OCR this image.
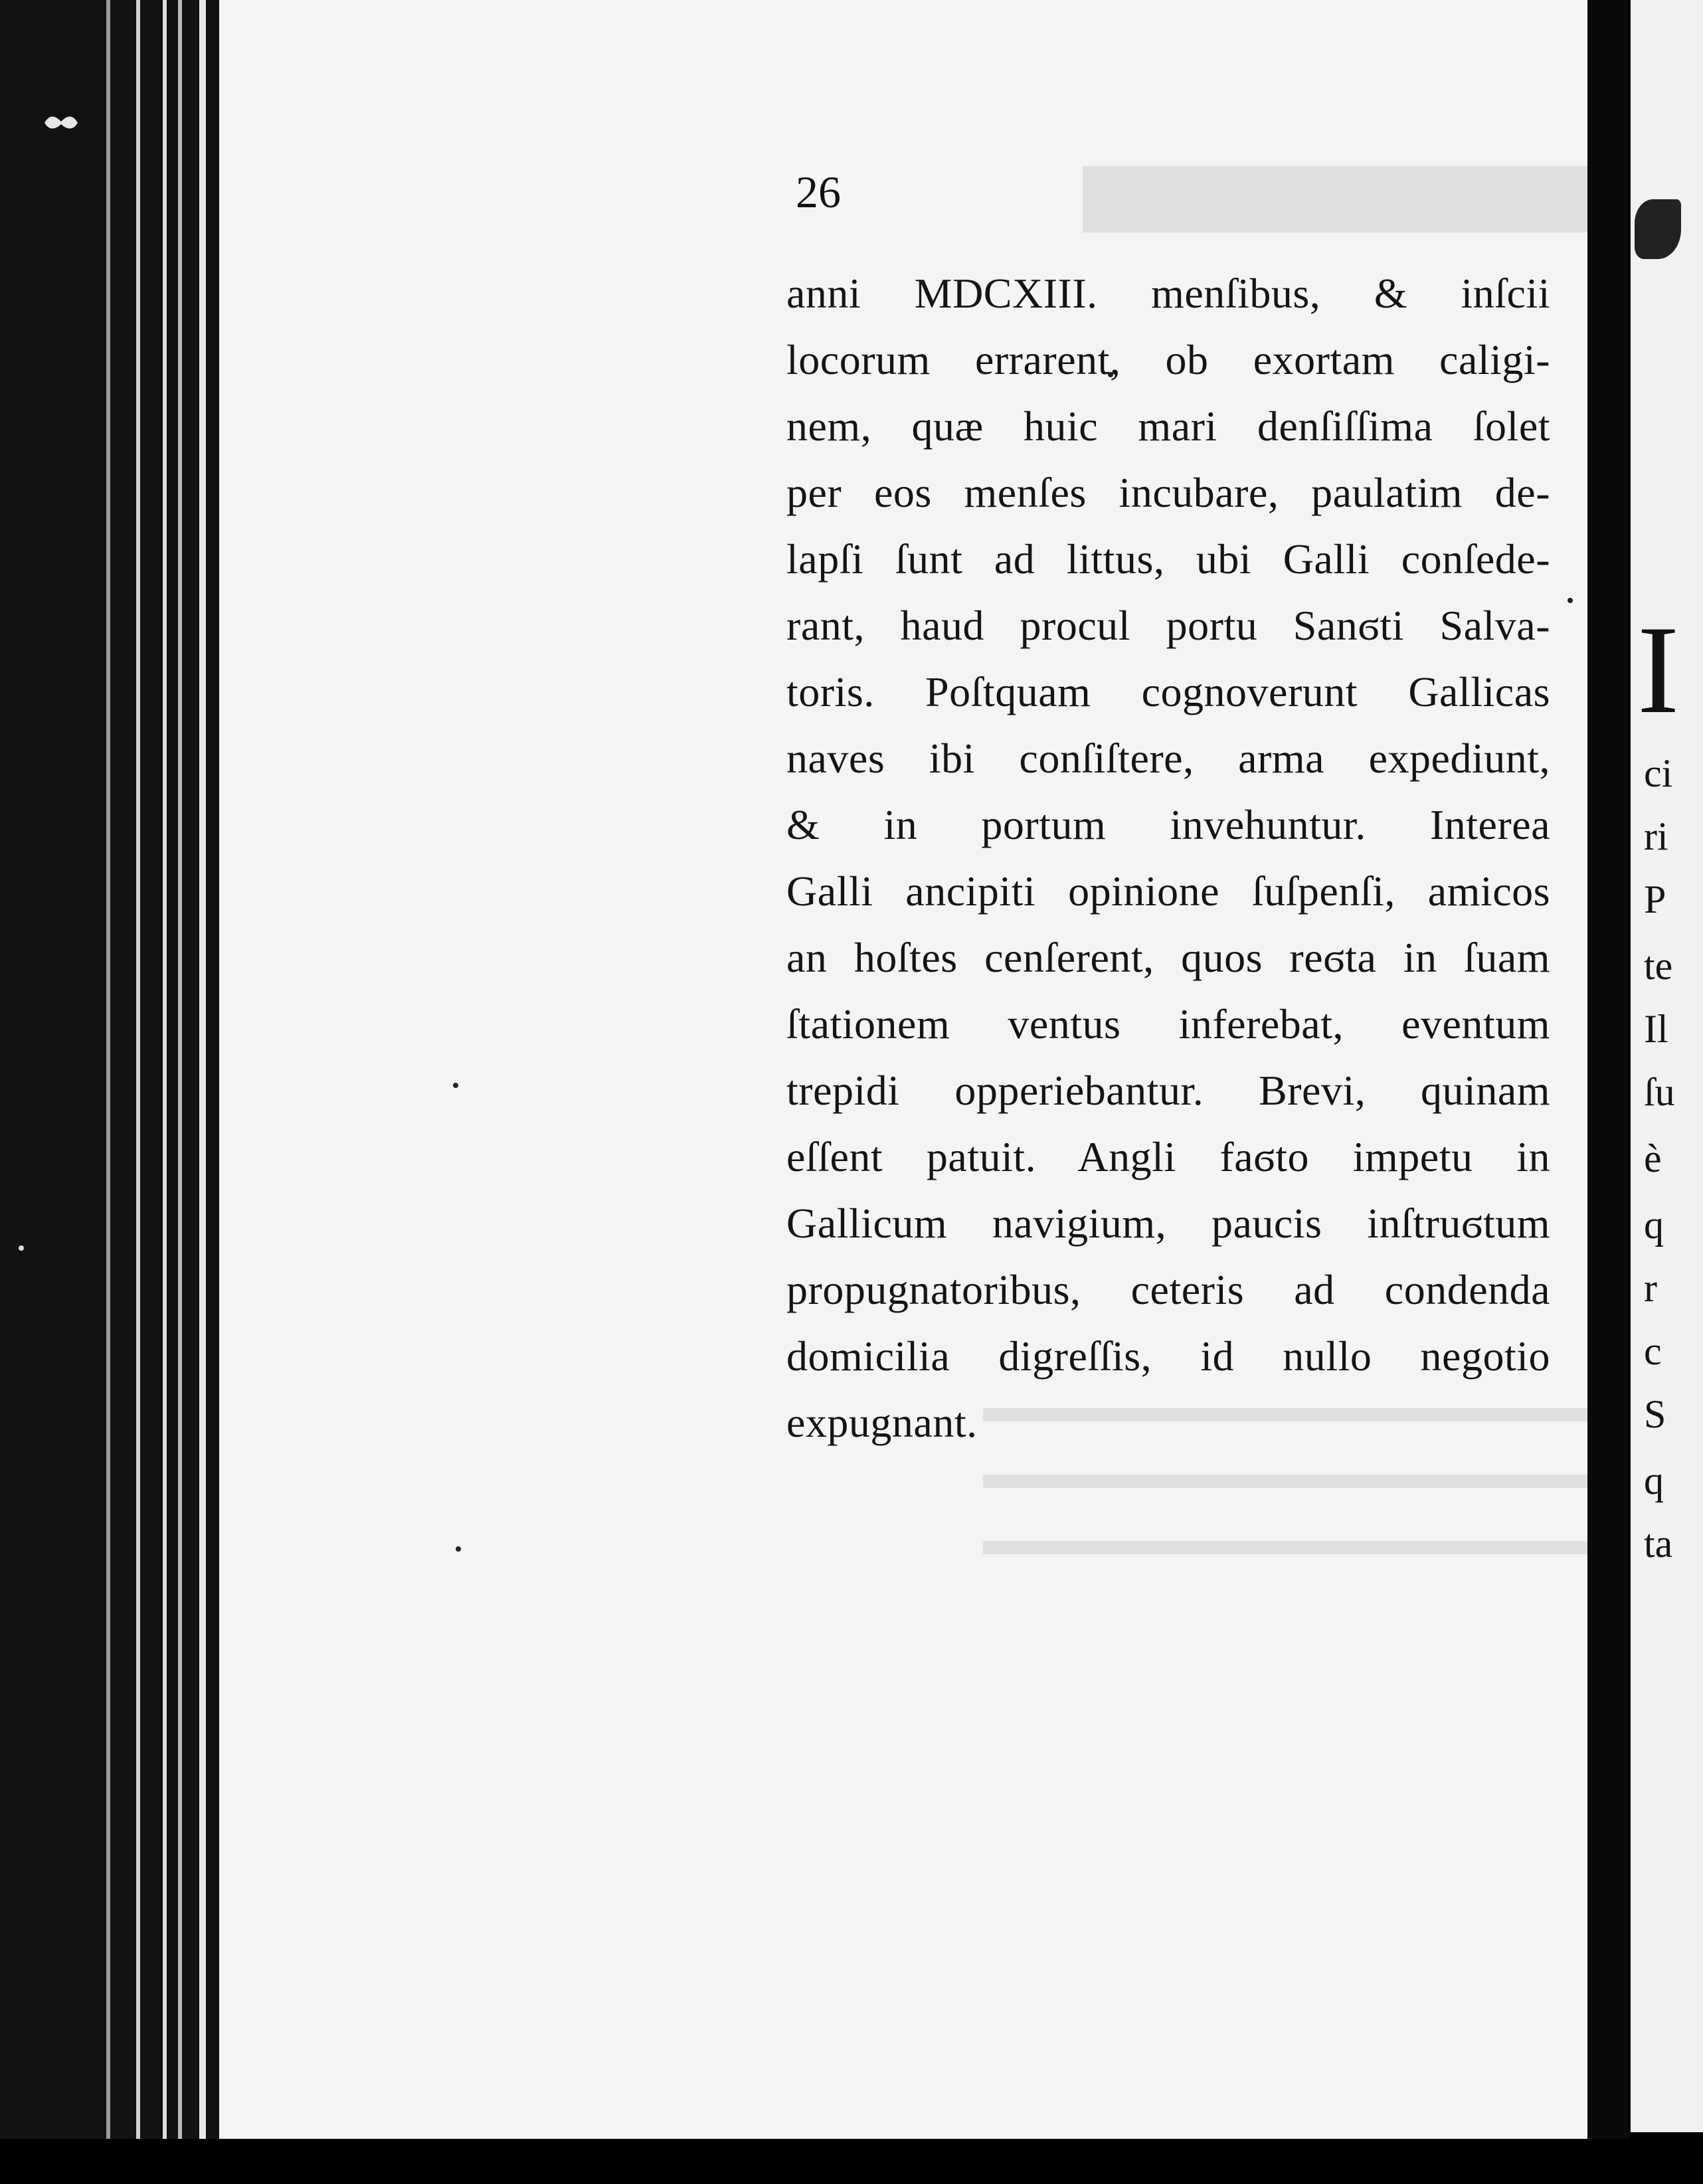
26

anni MDCXIII. menſibus, & inſcii
locorum errarent, ob exortam caligi-
nem, quæ huic mari denſiſſima ſolet
per eos menſes incubare, paulatim de-
lapſi ſunt ad littus, ubi Galli conſede-
rant, haud procul portu Sanϭti Salva-
toris. Poſtquam cognoverunt Gallicas
naves ibi conſiſtere, arma expediunt,
& in portum invehuntur. Interea
Galli ancipiti opinione ſuſpenſi, amicos
an hoſtes cenſerent, quos reϭta in ſuam
ſtationem ventus inferebat, eventum
trepidi opperiebantur. Brevi, quinam
eſſent patuit. Angli faϭto impetu in
Gallicum navigium, paucis inſtruϭtum
propugnatoribus, ceteris ad condenda
domicilia digreſſis, id nullo negotio
expugnant.
I
ci
ri
P
te
Il
ſu
è
q
r
c
S
q
ta
